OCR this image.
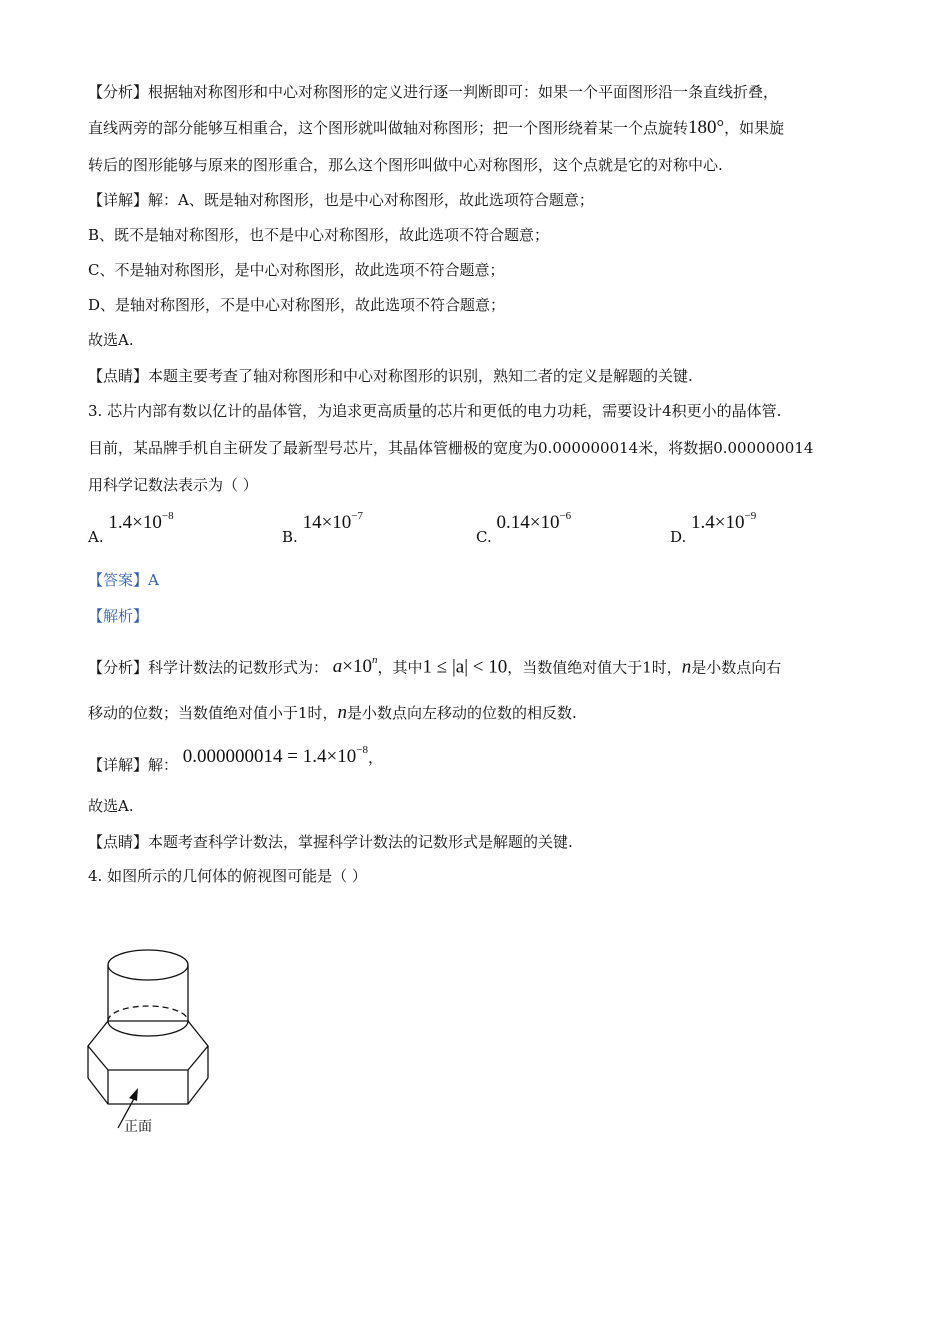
【分析】根据轴对称图形和中心对称图形的定义进行逐一判断即可：如果一个平面图形沿一条直线折叠，
直线两旁的部分能够互相重合，这个图形就叫做轴对称图形；把一个图形绕着某一个点旋转180°，如果旋
转后的图形能够与原来的图形重合，那么这个图形叫做中心对称图形，这个点就是它的对称中心.
【详解】解：A、既是轴对称图形，也是中心对称图形，故此选项符合题意；
B、既不是轴对称图形，也不是中心对称图形，故此选项不符合题意；
C、不是轴对称图形，是中心对称图形，故此选项不符合题意；
D、是轴对称图形，不是中心对称图形，故此选项不符合题意；
故选A.
【点睛】本题主要考查了轴对称图形和中心对称图形的识别，熟知二者的定义是解题的关键.
3. 芯片内部有数以亿计的晶体管，为追求更高质量的芯片和更低的电力功耗，需要设计4积更小的晶体管.
目前，某品牌手机自主研发了最新型号芯片，其晶体管栅极的宽度为0.000000014米，将数据0.000000014
用科学记数法表示为（ ）
A. $1.4\times 10^{-8}$
B. $14\times 10^{-7}$
C. $0.14\times 10^{-6}$
D. $1.4\times 10^{-9}$
【答案】A
【解析】
【分析】科学计数法的记数形式为： $a\times 10^n$，其中1 ≤ |a| < 10，当数值绝对值大于1时，n是小数点向右
移动的位数；当数值绝对值小于1时，n是小数点向左移动的位数的相反数.
【详解】解： $0.000000014 = 1.4\times 10^{-8}$，
故选A.
【点睛】本题考查科学计数法，掌握科学计数法的记数形式是解题的关键.
4. 如图所示的几何体的俯视图可能是（ ）
正面
